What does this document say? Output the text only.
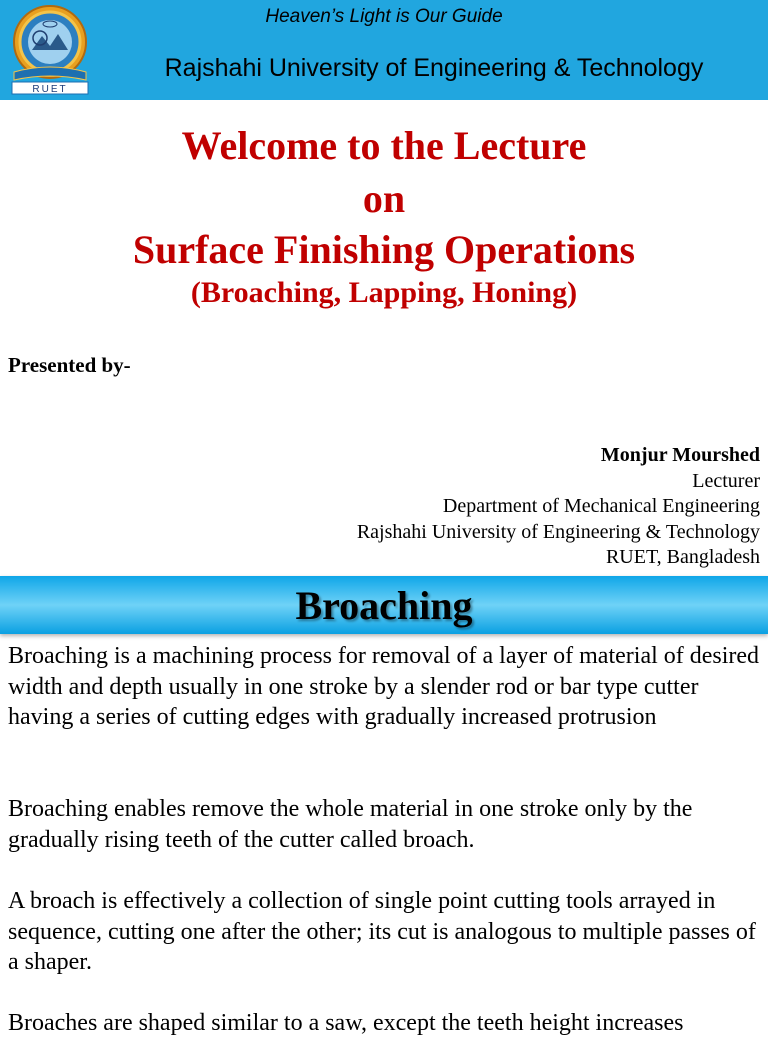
RUET
Heaven’s Light is Our Guide
Rajshahi University of Engineering & Technology
Welcome to the Lecture
on
Surface Finishing Operations
(Broaching, Lapping, Honing)
Presented by-
Monjur Mourshed
Lecturer
Department of Mechanical Engineering
Rajshahi University of Engineering & Technology
RUET, Bangladesh
Broaching
Broaching is a machining process for removal of a layer of material of desired width and depth usually in one stroke by a slender rod or bar type cutter having a series of cutting edges with gradually increased protrusion
Broaching enables remove the whole material in one stroke only by the gradually rising teeth of the cutter called broach.
A broach is effectively a collection of single point cutting tools arrayed in sequence, cutting one after the other; its cut is analogous to multiple passes of a shaper.
Broaches are shaped similar to a saw, except the teeth height increases
